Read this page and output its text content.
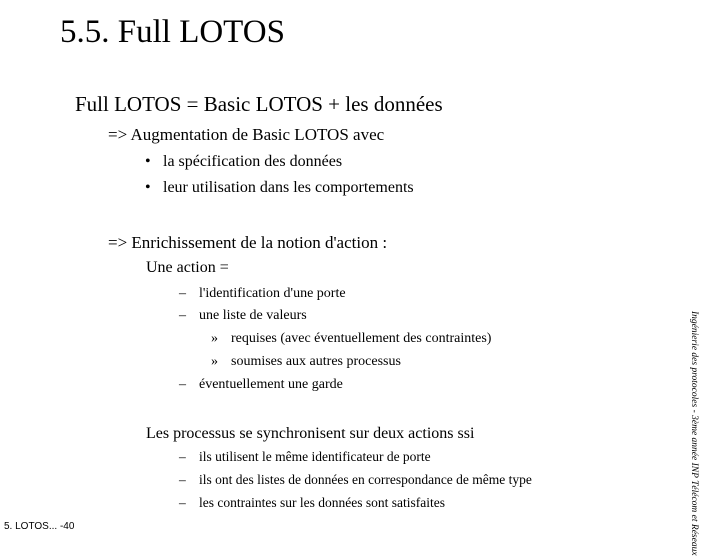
5.5. Full LOTOS
Full LOTOS = Basic LOTOS + les données
=> Augmentation de Basic LOTOS avec
• la spécification des données
• leur utilisation dans les comportements
=> Enrichissement de la notion d'action :
Une action =
– l'identification d'une porte
– une liste de valeurs
» requises (avec éventuellement des contraintes)
» soumises aux autres processus
– éventuellement une garde
Les processus se synchronisent sur deux actions ssi
– ils utilisent le même identificateur de porte
– ils ont des listes de données en correspondance de même type
– les contraintes sur les données sont satisfaites
5. LOTOS... -40	Ingénierie des protocoles - 3ème année INP Télécom et Réseaux
